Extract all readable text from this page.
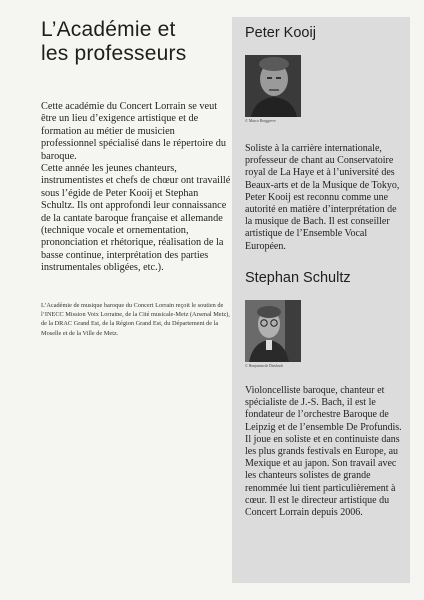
L’Académie et
les professeurs

Cette académie du Concert Lorrain se veut être un lieu d’exigence artistique et de formation au métier de musicien professionnel spécialisé dans le répertoire du baroque.

Cette année les jeunes chanteurs, instrumentistes et chefs de chœur ont travaillé sous l’égide de Peter Kooij et Stephan Schultz. Ils ont approfondi leur connaissance de la cantate baroque française et allemande (technique vocale et ornementation, prononciation et rhétorique, réalisation de la basse continue, interprétation des parties instrumentales obligées, etc.).

L’Académie de musique baroque du Concert Lorrain reçoit le soutien de l’INECC Mission Voix Lorraine, de la Cité musicale-Metz (Arsenal Metz), de la DRAC Grand Est, de la Région Grand Est, du Département de la Moselle et de la Ville de Metz.
Peter Kooij
© Marco Borggreve
Soliste à la carrière internationale, professeur de chant au Conservatoire royal de La Haye et à l’université des Beaux-arts et de la Musique de Tokyo, Peter Kooij est reconnu comme une autorité en matière d’interprétation de la musique de Bach. Il est conseiller artistique de l’Ensemble Vocal Européen.
Stephan Schultz
© Benjamin de Diesbach
Violoncelliste baroque, chanteur et spécialiste de J.-S. Bach, il est le fondateur de l’orchestre Baroque de Leipzig et de l’ensemble De Profundis. Il joue en soliste et en continuiste dans les plus grands festivals en Europe, au Mexique et au japon. Son travail avec les chanteurs solistes de grande renommée lui tient particulièrement à cœur. Il est le directeur artistique du Concert Lorrain depuis 2006.
